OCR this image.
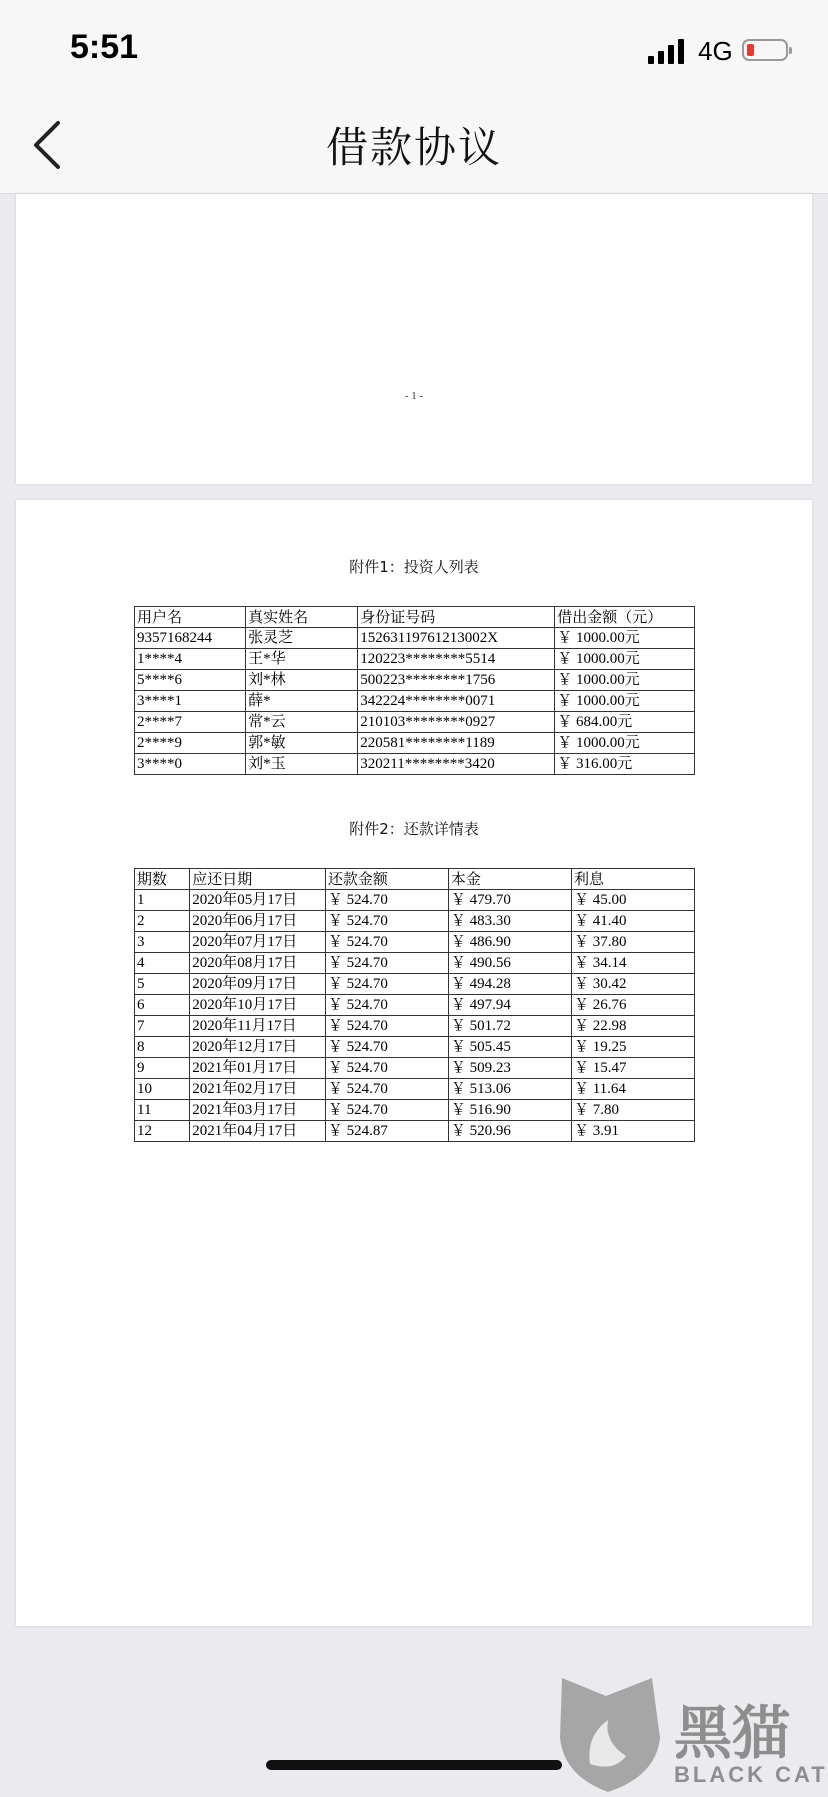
5:51	4G
借款协议
- 1 -
附件1：投资人列表
用户名	真实姓名	身份证号码	借出金额（元）
9357168244	张灵芝	15263119761213002X	￥ 1000.00元
1****4	王*华	120223********5514	￥ 1000.00元
5****6	刘*林	500223********1756	￥ 1000.00元
3****1	薛*	342224********0071	￥ 1000.00元
2****7	常*云	210103********0927	￥ 684.00元
2****9	郭*敏	220581********1189	￥ 1000.00元
3****0	刘*玉	320211********3420	￥ 316.00元
附件2：还款详情表
期数	应还日期	还款金额	本金	利息
1	2020年05月17日	￥ 524.70	￥ 479.70	￥ 45.00
2	2020年06月17日	￥ 524.70	￥ 483.30	￥ 41.40
3	2020年07月17日	￥ 524.70	￥ 486.90	￥ 37.80
4	2020年08月17日	￥ 524.70	￥ 490.56	￥ 34.14
5	2020年09月17日	￥ 524.70	￥ 494.28	￥ 30.42
6	2020年10月17日	￥ 524.70	￥ 497.94	￥ 26.76
7	2020年11月17日	￥ 524.70	￥ 501.72	￥ 22.98
8	2020年12月17日	￥ 524.70	￥ 505.45	￥ 19.25
9	2021年01月17日	￥ 524.70	￥ 509.23	￥ 15.47
10	2021年02月17日	￥ 524.70	￥ 513.06	￥ 11.64
11	2021年03月17日	￥ 524.70	￥ 516.90	￥ 7.80
12	2021年04月17日	￥ 524.87	￥ 520.96	￥ 3.91
黑猫
BLACK CAT
